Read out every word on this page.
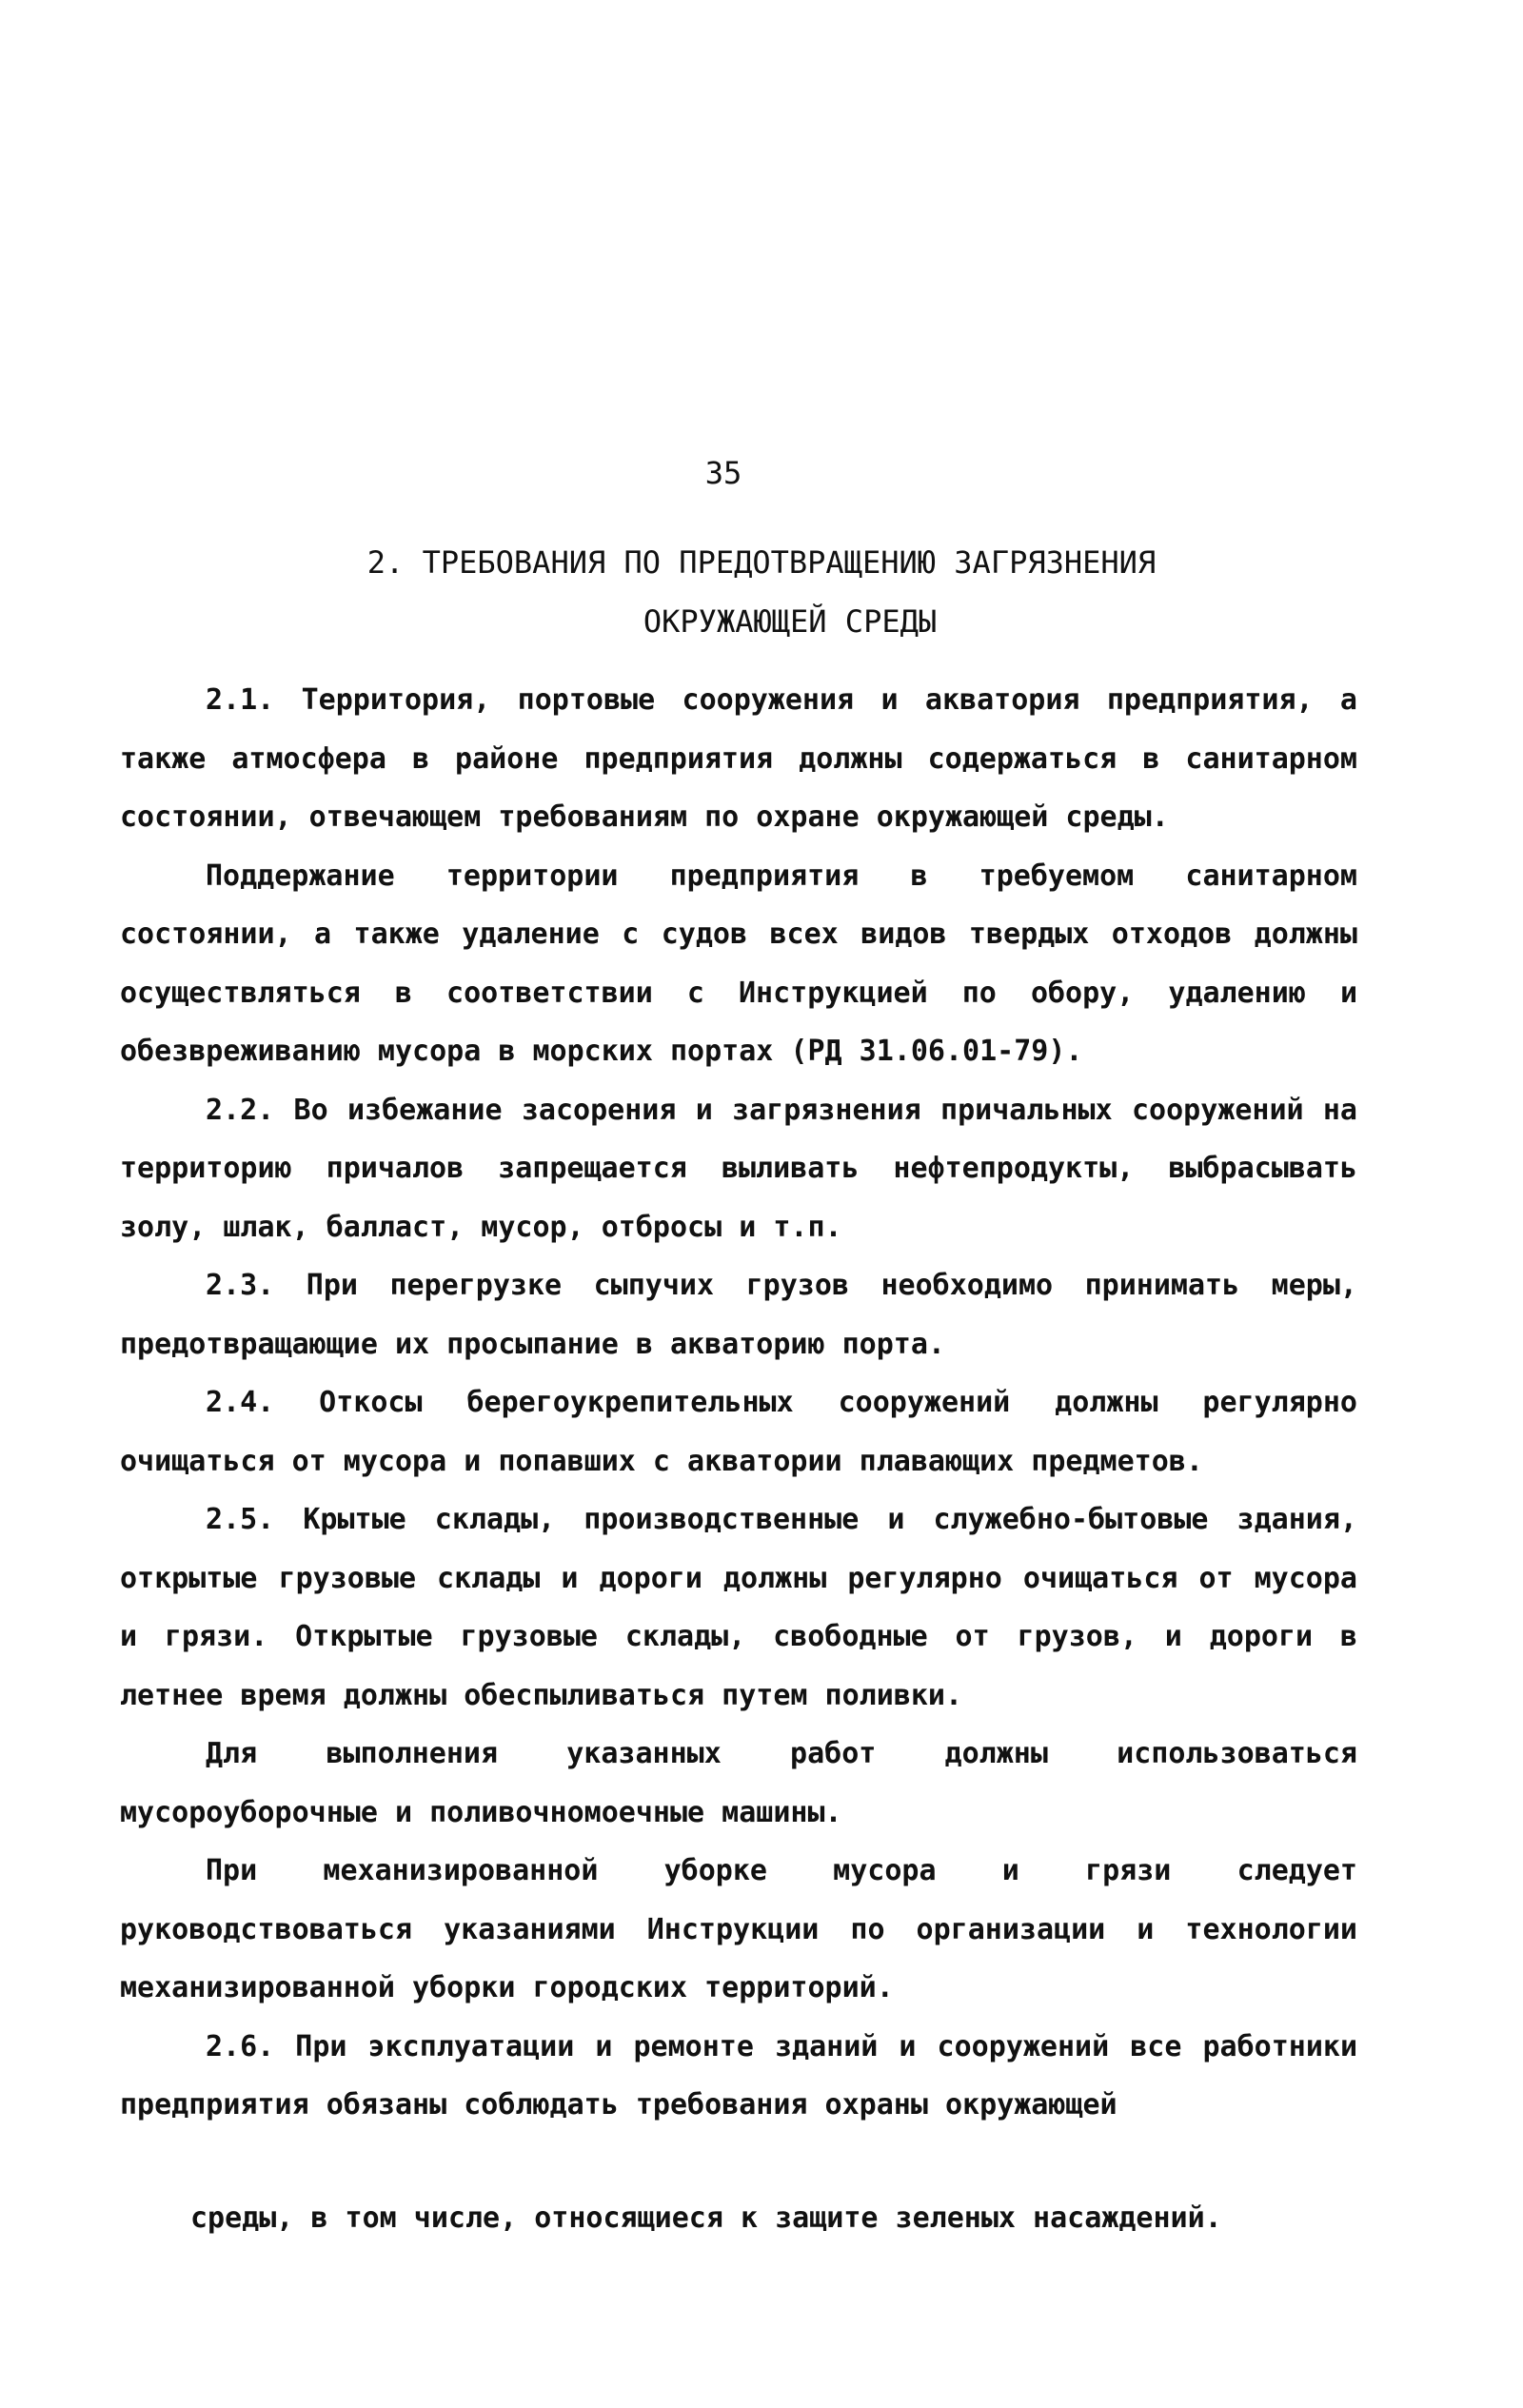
35
2. ТРЕБОВАНИЯ ПО ПРЕДОТВРАЩЕНИЮ ЗАГРЯЗНЕНИЯ
ОКРУЖАЮЩЕЙ СРЕДЫ

2.1. Территория, портовые сооружения и акватория предприятия, а также атмосфера в районе предприятия должны содержаться в санитарном состоянии, отвечающем требованиям по охране окружающей среды.

Поддержание территории предприятия в требуемом санитарном состоянии, а также удаление с судов всех видов твердых отходов должны осуществляться в соответствии с Инструкцией по обору, удалению и обезвреживанию мусора в морских портах (РД 31.06.01-79).

2.2. Во избежание засорения и загрязнения причальных сооружений на территорию причалов запрещается выливать нефтепродукты, выбрасывать золу, шлак, балласт, мусор, отбросы и т.п.

2.3. При перегрузке сыпучих грузов необходимо принимать меры, предотвращающие их просыпание в акваторию порта.

2.4. Откосы берегоукрепительных сооружений должны регулярно очищаться от мусора и попавших с акватории плавающих предметов.

2.5. Крытые склады, производственные и служебно-бытовые здания, открытые грузовые склады и дороги должны регулярно очищаться от мусора и грязи. Открытые грузовые склады, свободные от грузов, и дороги в летнее время должны обеспыливаться путем поливки.

Для выполнения указанных работ должны использоваться мусороуборочные и поливочномоечные машины.

При механизированной уборке мусора и грязи следует руководствоваться указаниями Инструкции по организации и технологии механизированной уборки городских территорий.

2.6. При эксплуатации и ремонте зданий и сооружений все работники предприятия обязаны соблюдать требования охраны окружающей

среды, в том числе, относящиеся к защите зеленых насаждений.
